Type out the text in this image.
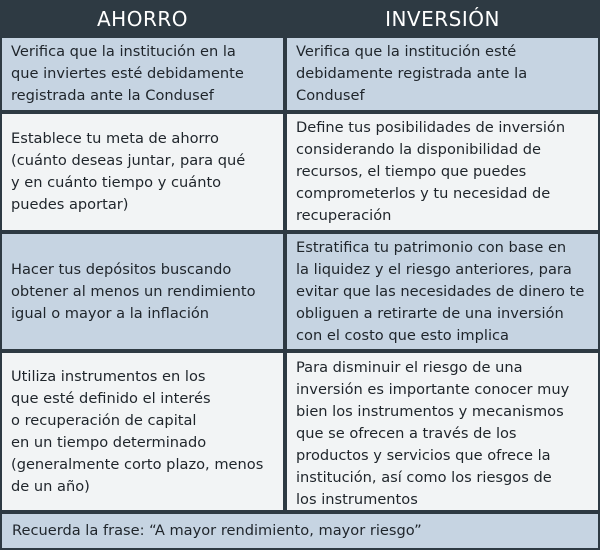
AHORRO	INVERSIÓN
Verifica que la institución en la
que inviertes esté debidamente
registrada ante la Condusef
Verifica que la institución esté
debidamente registrada ante la
Condusef
Establece tu meta de ahorro
(cuánto deseas juntar, para qué
y en cuánto tiempo y cuánto
puedes aportar)
Define tus posibilidades de inversión
considerando la disponibilidad de
recursos, el tiempo que puedes
comprometerlos y tu necesidad de
recuperación
Hacer tus depósitos buscando
obtener al menos un rendimiento
igual o mayor a la inflación
Estratifica tu patrimonio con base en
la liquidez y el riesgo anteriores, para
evitar que las necesidades de dinero te
obliguen a retirarte de una inversión
con el costo que esto implica
Utiliza instrumentos en los
que esté definido el interés
o recuperación de capital
en un tiempo determinado
(generalmente corto plazo, menos
de un año)
Para disminuir el riesgo de una
inversión es importante conocer muy
bien los instrumentos y mecanismos
que se ofrecen a través de los
productos y servicios que ofrece la
institución, así como los riesgos de
los instrumentos
Recuerda la frase: “A mayor rendimiento, mayor riesgo”
